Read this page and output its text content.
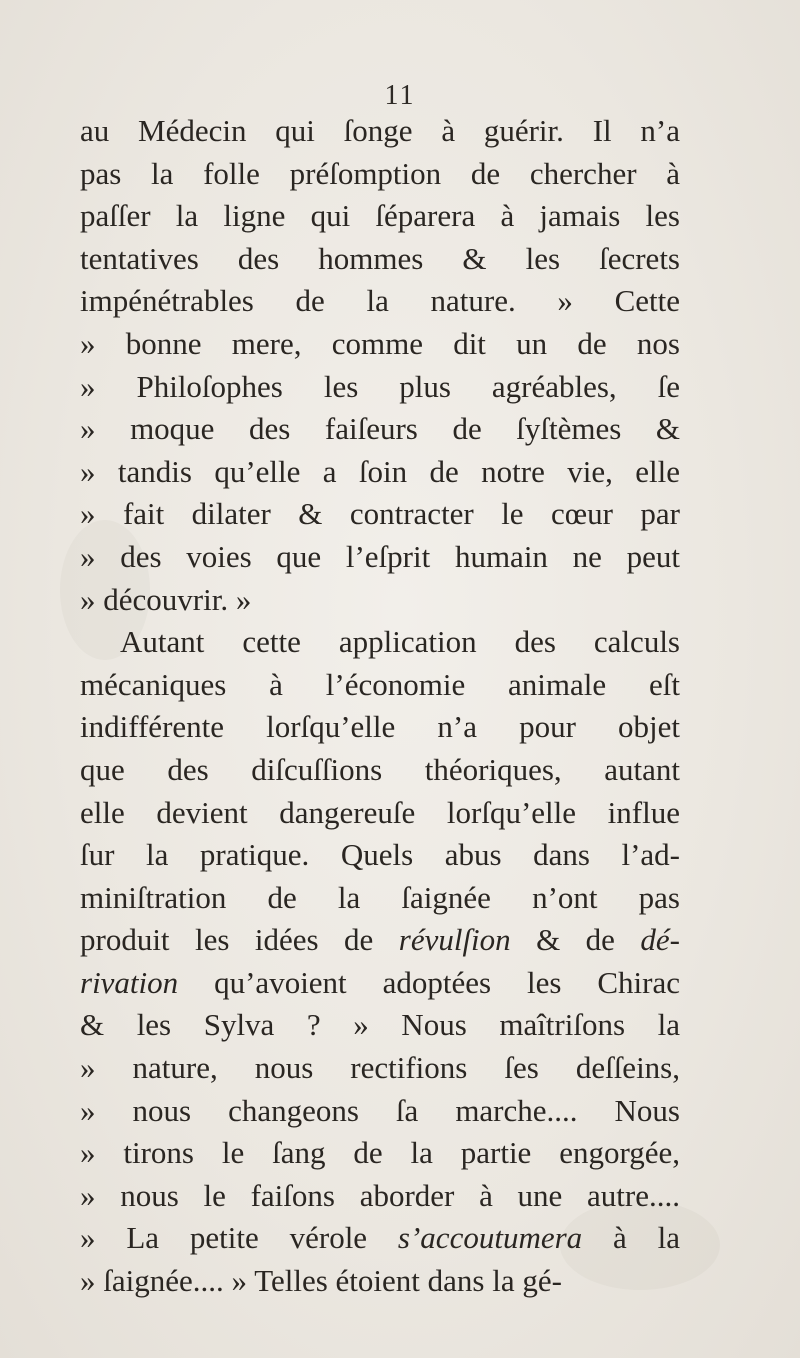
11
au Médecin qui ſonge à guérir. Il n’a
pas la folle préſomption de chercher à
paſſer la ligne qui ſéparera à jamais les
tentatives des hommes & les ſecrets
impénétrables de la nature. » Cette
» bonne mere, comme dit un de nos
» Philoſophes les plus agréables, ſe
» moque des faiſeurs de ſyſtèmes &
» tandis qu’elle a ſoin de notre vie, elle
» fait dilater & contracter le cœur par
» des voies que l’eſprit humain ne peut
» découvrir. »
Autant cette application des calculs
mécaniques à l’économie animale eſt
indifférente lorſqu’elle n’a pour objet
que des diſcuſſions théoriques, autant
elle devient dangereuſe lorſqu’elle influe
ſur la pratique. Quels abus dans l’ad-
miniſtration de la ſaignée n’ont pas
produit les idées de révulſion & de dé-
rivation qu’avoient adoptées les Chirac
& les Sylva ? » Nous maîtriſons la
» nature, nous rectifions ſes deſſeins,
» nous changeons ſa marche.... Nous
» tirons le ſang de la partie engorgée,
» nous le faiſons aborder à une autre....
» La petite vérole s’accoutumera à la
» ſaignée.... » Telles étoient dans la gé-
